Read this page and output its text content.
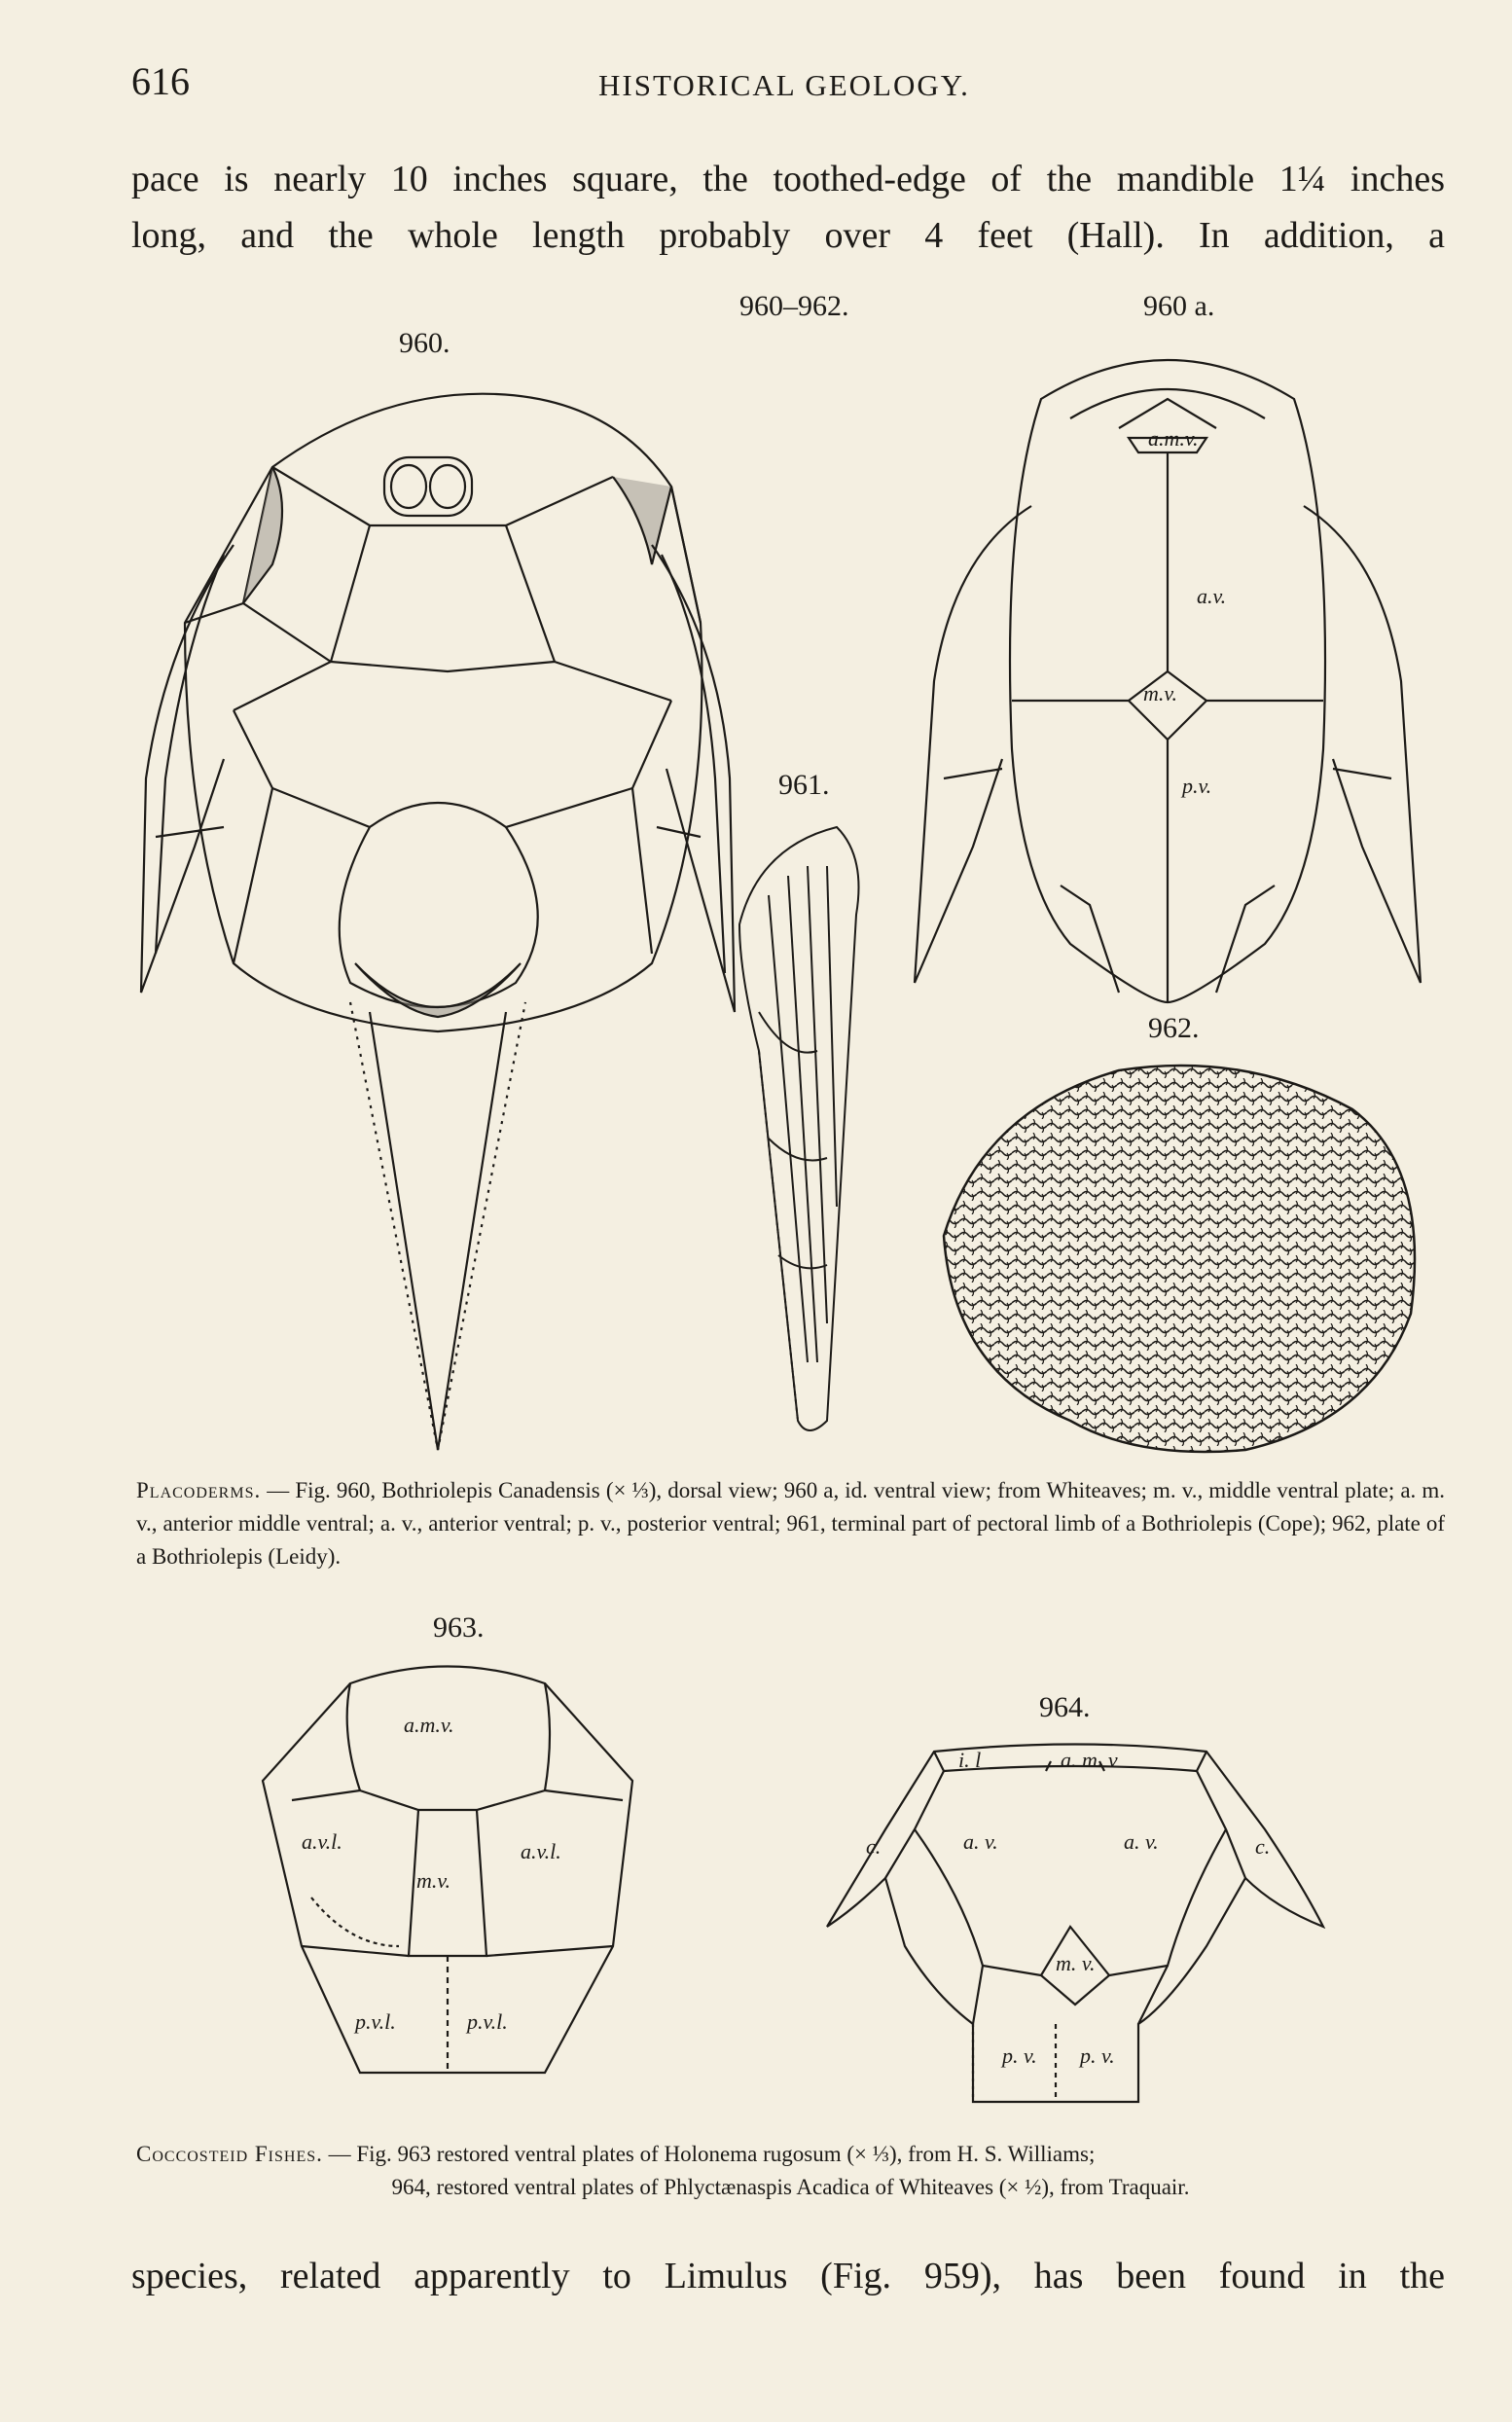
616	HISTORICAL GEOLOGY.
pace is nearly 10 inches square, the toothed-edge of the mandible 1¼ inches
long, and the whole length probably over 4 feet (Hall). In addition, a
960–962.
960.
960 a.
961.
962.
a.m.v.
a.v.
m.v.
p.v.
Placoderms. — Fig. 960, Bothriolepis Canadensis (× ⅓), dorsal view; 960 a, id. ventral view; from Whiteaves; m. v., middle ventral plate; a. m. v., anterior middle ventral; a. v., anterior ventral; p. v., posterior ventral; 961, terminal part of pectoral limb of a Bothriolepis (Cope); 962, plate of a Bothriolepis (Leidy).
963.
964.
a.m.v.
a.v.l.	a.v.l.
m.v.
p.v.l.	p.v.l.
i. l	a. m. v
a. v.	a. v.
c.	c.
m. v.
p. v. p. v.
Coccosteid Fishes. — Fig. 963 restored ventral plates of Holonema rugosum (× ⅓), from H. S. Williams;
964, restored ventral plates of Phlyctænaspis Acadica of Whiteaves (× ½), from Traquair.
species, related apparently to Limulus (Fig. 959), has been found in the
